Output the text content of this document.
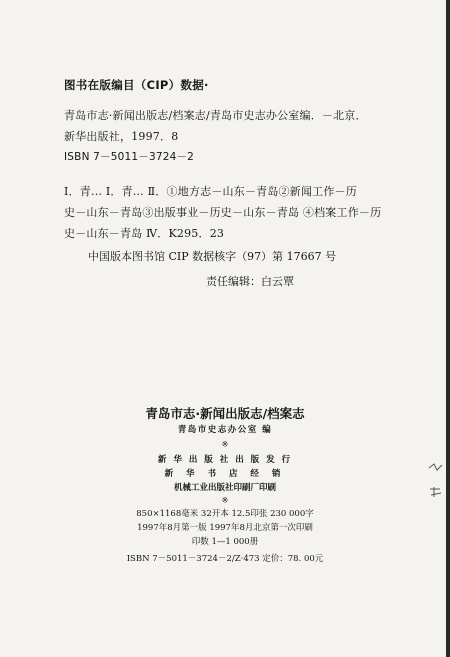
图书在版编目（CIP）数据·
青岛市志·新闻出版志/档案志/青岛市史志办公室编．－北京．
新华出版社，1997．8
ISBN 7－5011－3724－2
Ⅰ．青… Ⅰ．青… Ⅱ．①地方志－山东－青岛②新闻工作－历
史－山东－青岛③出版事业－历史－山东－青岛 ④档案工作－历
史－山东－青岛 Ⅳ．K295．23
中国版本图书馆 CIP 数据核字（97）第 17667 号
责任编辑：白云覃
青岛市志·新闻出版志/档案志
青岛市史志办公室 编
※
新 华 出 版 社 出 版 发 行
新 华 书 店 经 销
机械工业出版社印刷厂印刷
※
850×1168毫米 32开本 12.5印张 230 000字
1997年8月第一版 1997年8月北京第一次印刷
印数 1—1 000册
ISBN 7－5011－3724－2/Z·473 定价：78. 00元
